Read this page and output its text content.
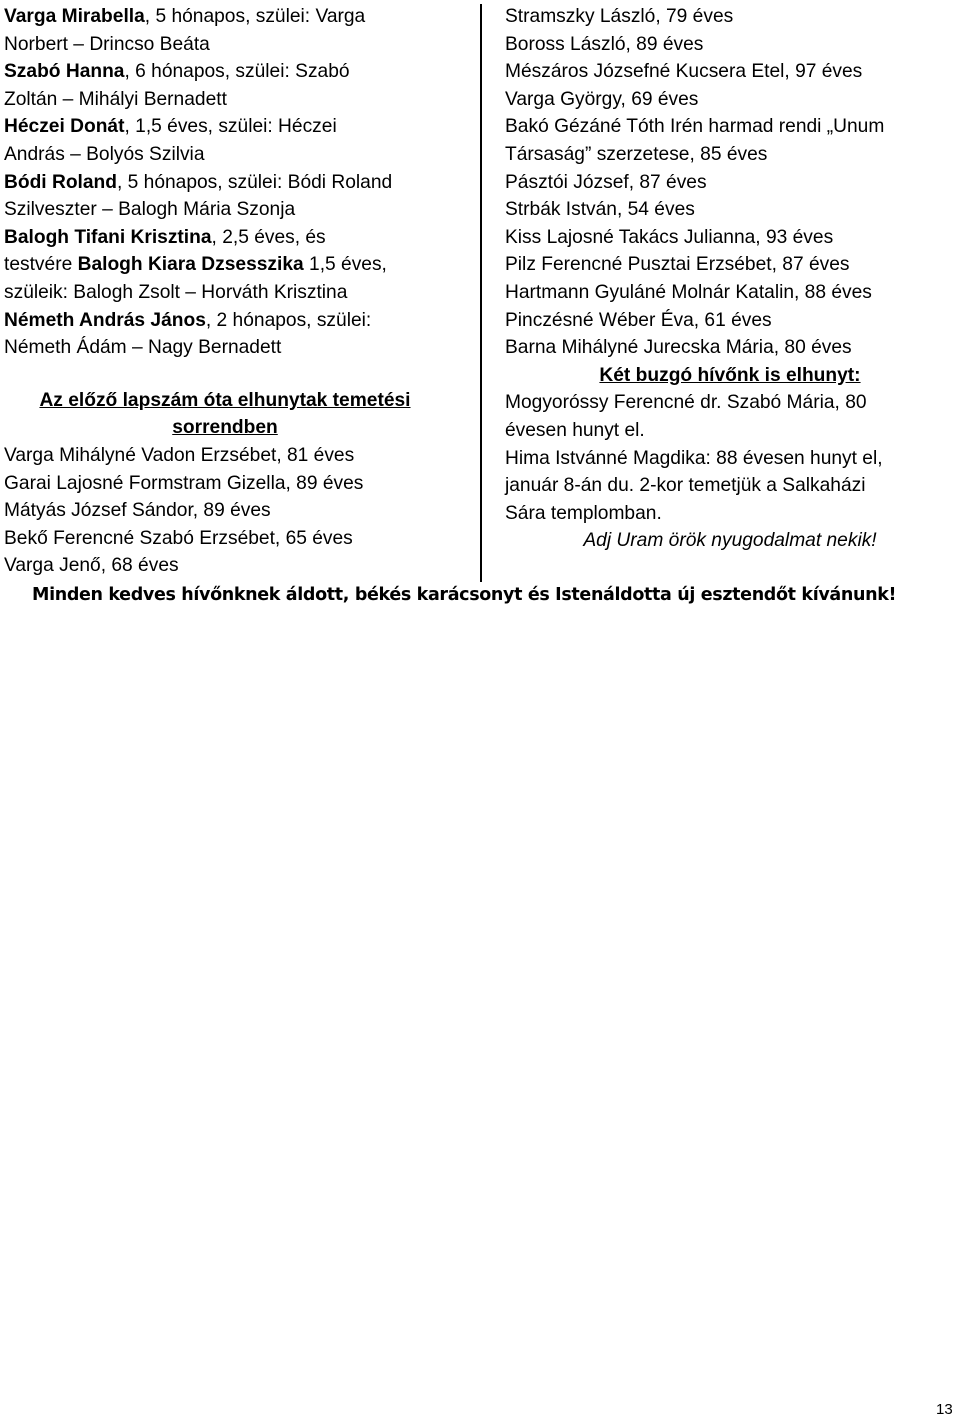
Varga Mirabella, 5 hónapos, szülei: Varga
Norbert – Drincso Beáta
Szabó Hanna, 6 hónapos, szülei: Szabó
Zoltán – Mihályi Bernadett
Héczei Donát, 1,5 éves, szülei: Héczei
András – Bolyós Szilvia
Bódi Roland, 5 hónapos, szülei: Bódi Roland
Szilveszter – Balogh Mária Szonja
Balogh Tifani Krisztina, 2,5 éves, és
testvére Balogh Kiara Dzsesszika 1,5 éves,
szüleik: Balogh Zsolt – Horváth Krisztina
Németh András János, 2 hónapos, szülei:
Németh Ádám – Nagy Bernadett
Az előző lapszám óta elhunytak temetési sorrendben
Varga Mihályné Vadon Erzsébet, 81 éves
Garai Lajosné Formstram Gizella, 89 éves
Mátyás József Sándor, 89 éves
Bekő Ferencné Szabó Erzsébet, 65 éves
Varga Jenő, 68 éves
Stramszky László, 79 éves
Boross László, 89 éves
Mészáros Józsefné Kucsera Etel, 97 éves
Varga György, 69 éves
Bakó Gézáné Tóth Irén harmad rendi „Unum
Társaság” szerzetese, 85 éves
Pásztói József, 87 éves
Strbák István, 54 éves
Kiss Lajosné Takács Julianna, 93 éves
Pilz Ferencné Pusztai Erzsébet, 87 éves
Hartmann Gyuláné Molnár Katalin, 88 éves
Pinczésné Wéber Éva, 61 éves
Barna Mihályné Jurecska Mária, 80 éves
Két buzgó hívőnk is elhunyt:
Mogyoróssy Ferencné dr. Szabó Mária, 80
évesen hunyt el.
Hima Istvánné Magdika: 88 évesen hunyt el,
január 8-án du. 2-kor temetjük a Salkaházi
Sára templomban.
Adj Uram örök nyugodalmat nekik!
Minden kedves hívőnknek áldott, békés karácsonyt és Istenáldotta új esztendőt kívánunk!
13
